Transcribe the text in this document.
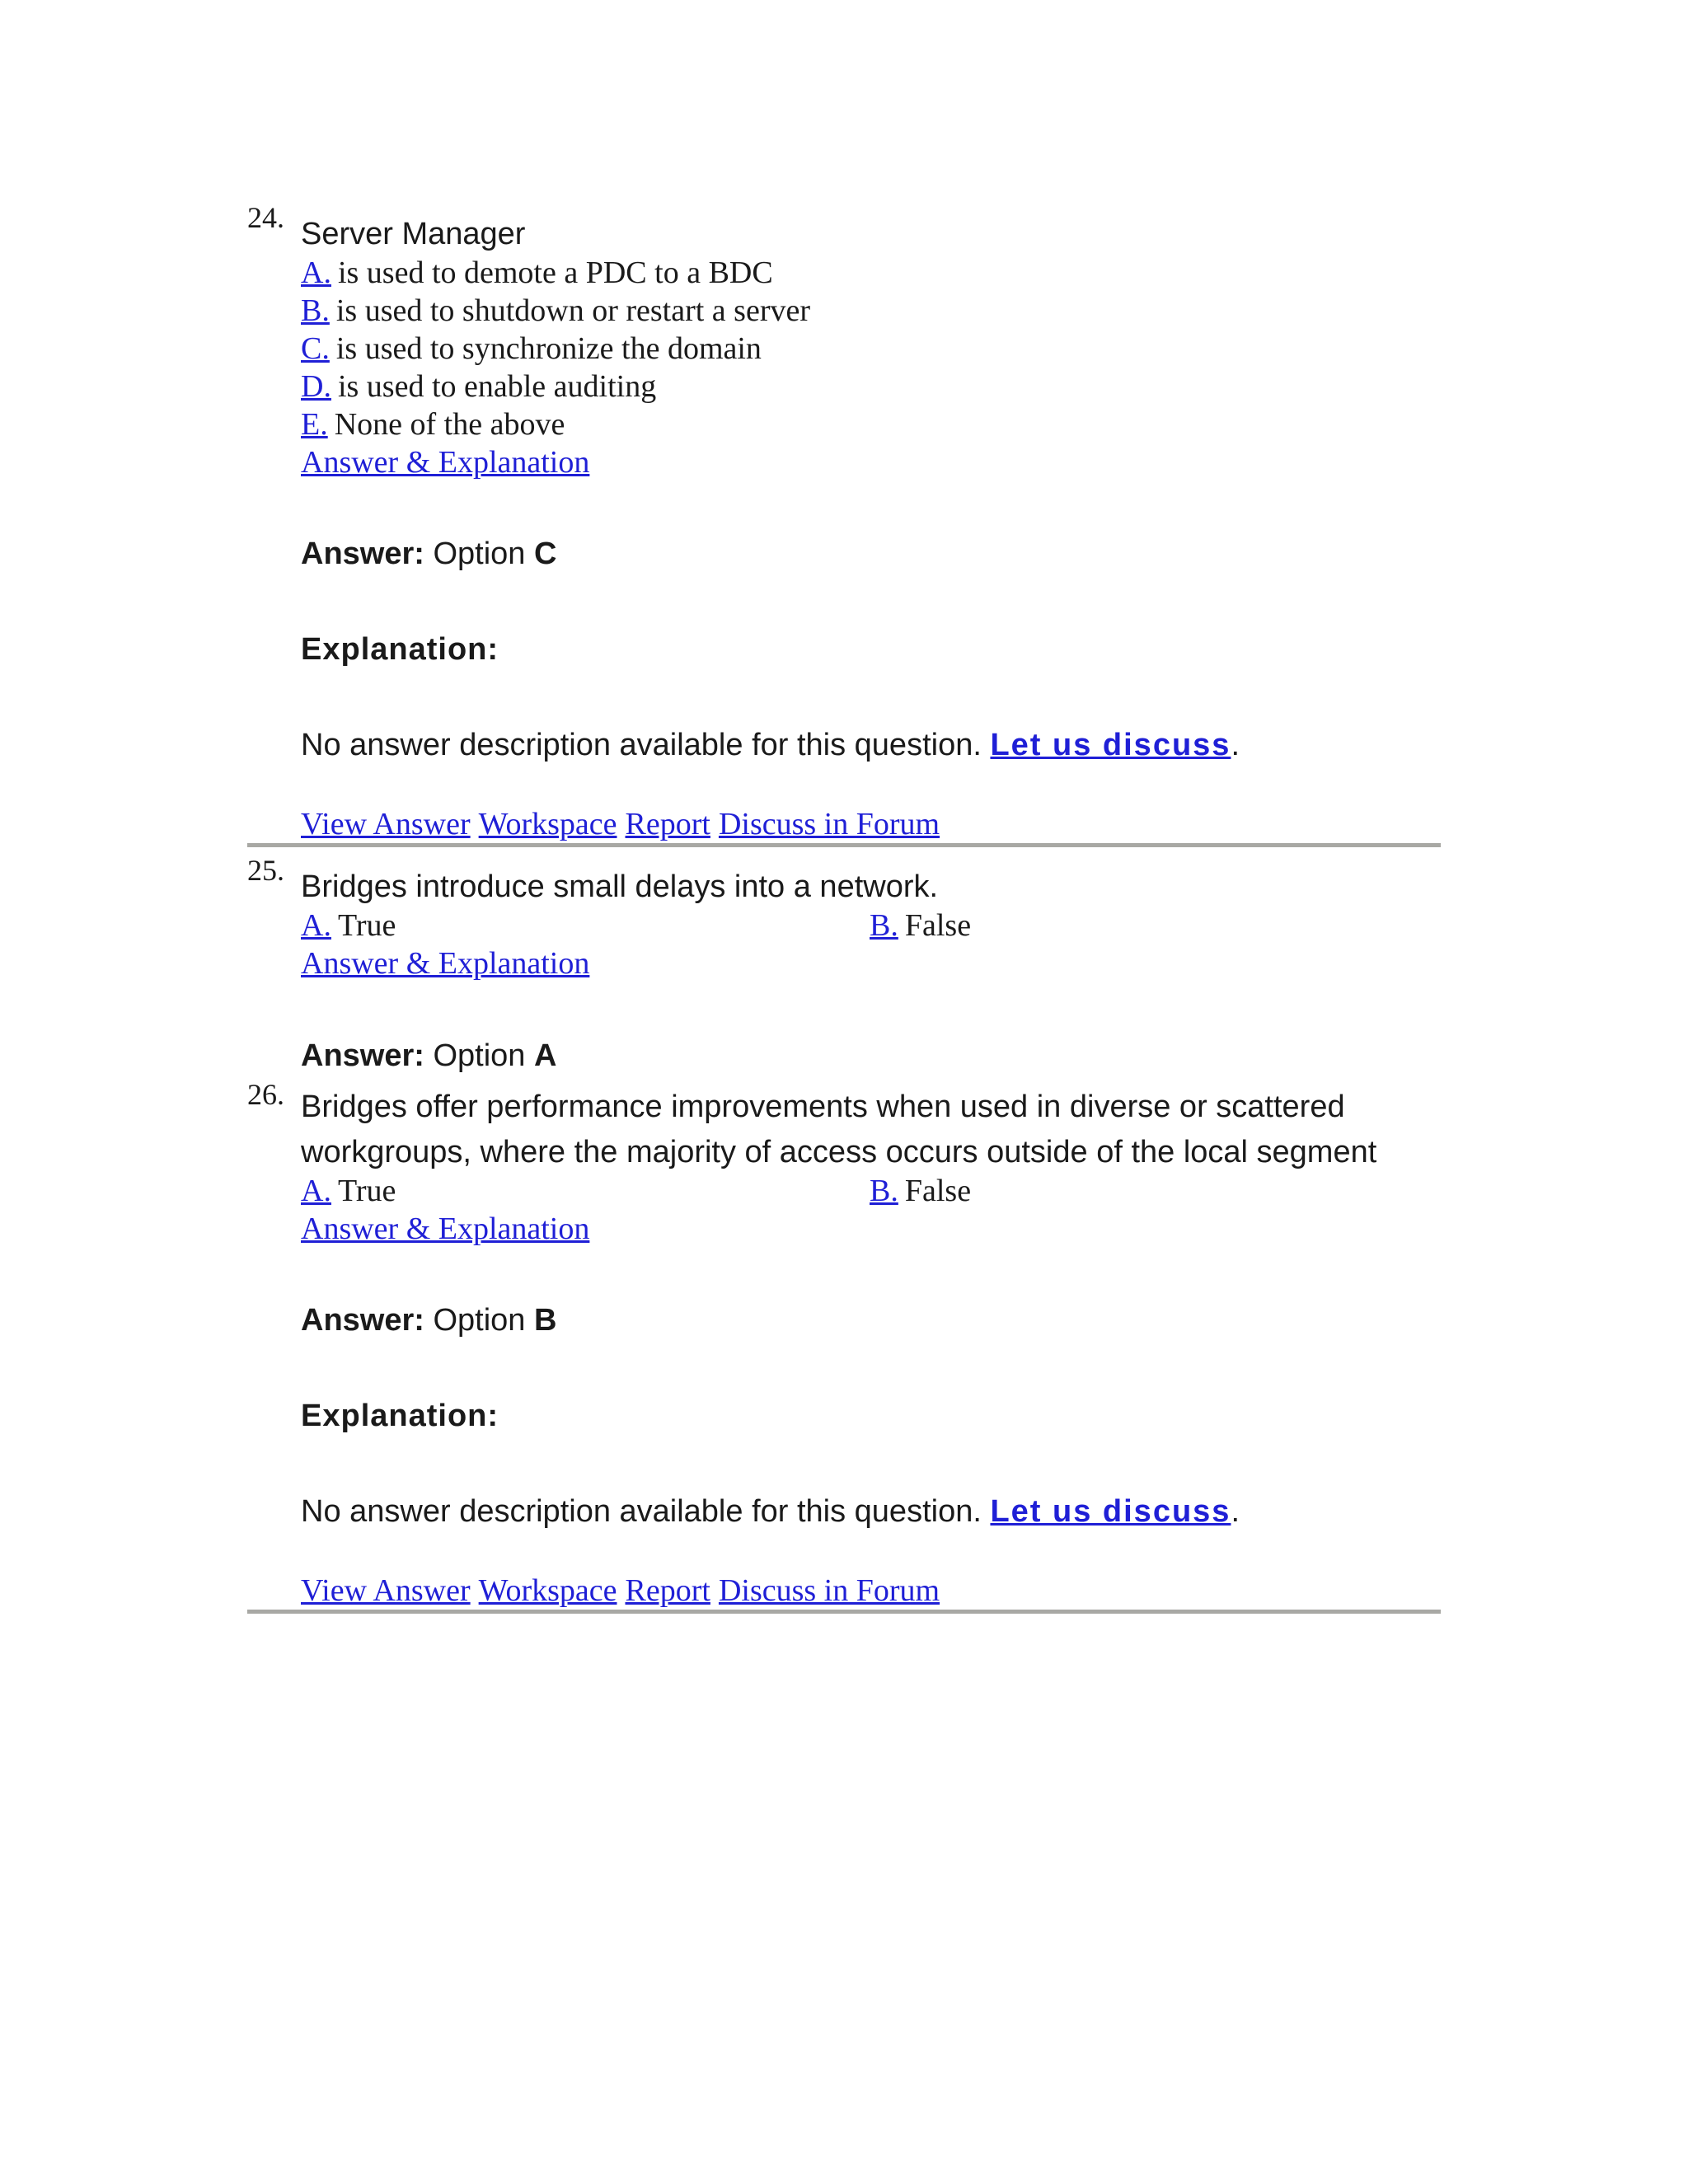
24. Server Manager
A. is used to demote a PDC to a BDC
B. is used to shutdown or restart a server
C. is used to synchronize the domain
D. is used to enable auditing
E. None of the above
Answer & Explanation
Answer: Option C
Explanation:
No answer description available for this question. Let us discuss.
View Answer Workspace Report Discuss in Forum
25. Bridges introduce small delays into a network.
A. True	B. False
Answer & Explanation
Answer: Option A
26. Bridges offer performance improvements when used in diverse or scattered
workgroups, where the majority of access occurs outside of the local segment
A. True	B. False
Answer & Explanation
Answer: Option B
Explanation:
No answer description available for this question. Let us discuss.
View Answer Workspace Report Discuss in Forum
